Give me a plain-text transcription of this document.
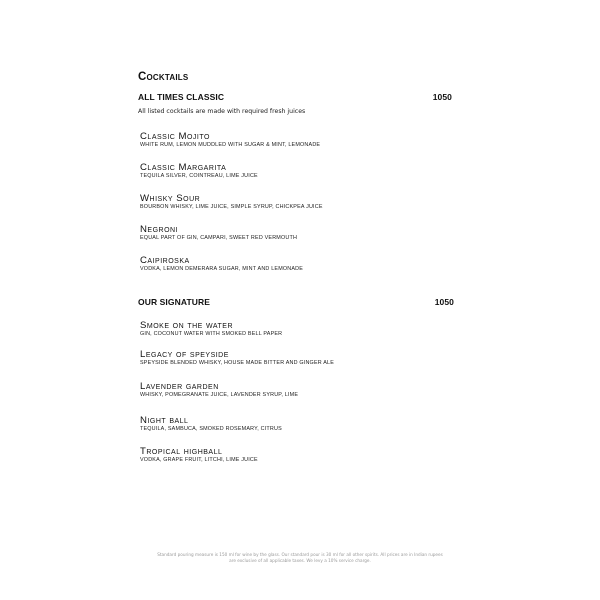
Cocktails
ALL TIMES CLASSIC	1050
All listed cocktails are made with required fresh juices
Classic Mojito
WHITE RUM, LEMON MUDDLED WITH SUGAR & MINT, LEMONADE
Classic Margarita
TEQUILA SILVER, COINTREAU, LIME JUICE
Whisky Sour
BOURBON WHISKY, LIME JUICE, SIMPLE SYRUP, CHICKPEA JUICE
Negroni
EQUAL PART OF GIN, CAMPARI, SWEET RED VERMOUTH
Caipiroska
VODKA, LEMON DEMERARA SUGAR, MINT AND LEMONADE
OUR SIGNATURE	1050
Smoke on the water
GIN, COCONUT WATER WITH SMOKED BELL PAPER
Legacy of speyside
SPEYSIDE BLENDED WHISKY, HOUSE MADE BITTER AND GINGER ALE
Lavender garden
WHISKY, POMEGRANATE JUICE, LAVENDER SYRUP, LIME
Night ball
TEQUILA, SAMBUCA, SMOKED ROSEMARY, CITRUS
Tropical highball
VODKA, GRAPE FRUIT, LITCHI, LIME JUICE
Standard pouring measure is 150 ml for wine by the glass. Our standard pour is 30 ml for all other spirits. All prices are in Indian rupees
are exclusive of all applicable taxes. We levy a 10% service charge.
